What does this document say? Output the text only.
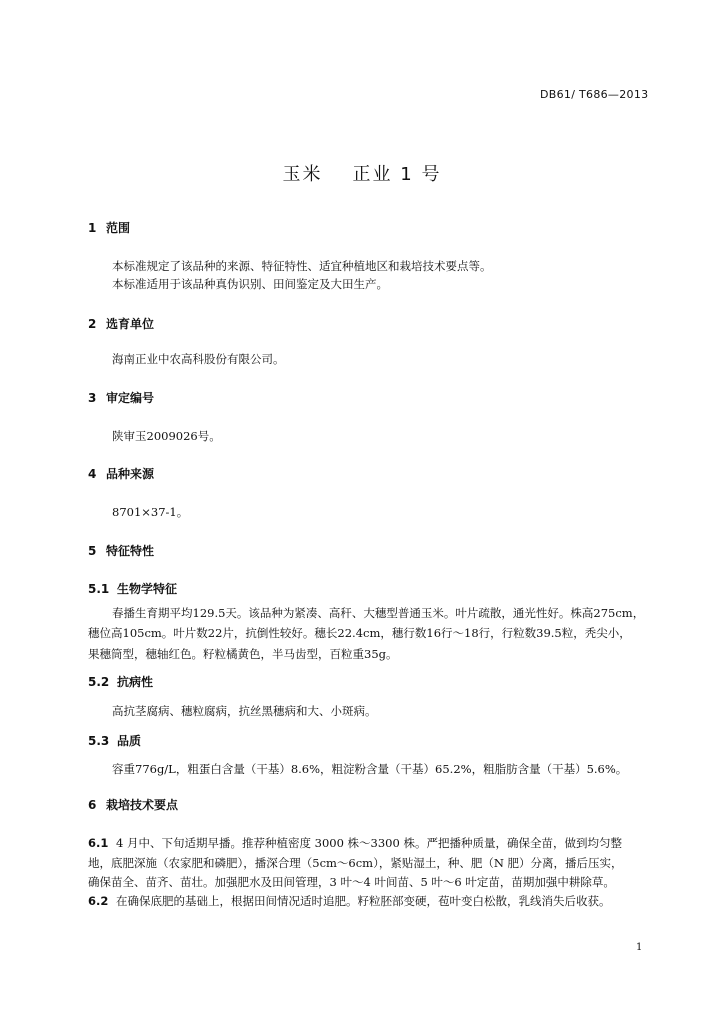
DB61/ T686—2013
玉米 正业 1 号
1 范围
本标准规定了该品种的来源、特征特性、适宜种植地区和栽培技术要点等。
本标准适用于该品种真伪识别、田间鉴定及大田生产。
2 选育单位
海南正业中农高科股份有限公司。
3 审定编号
陕审玉2009026号。
4 品种来源
8701×37-1。
5 特征特性
5.1 生物学特征
春播生育期平均129.5天。该品种为紧凑、高秆、大穗型普通玉米。叶片疏散，通光性好。株高275cm，
穗位高105cm。叶片数22片，抗倒性较好。穗长22.4cm，穗行数16行～18行，行粒数39.5粒，秃尖小，
果穗筒型，穗轴红色。籽粒橘黄色，半马齿型，百粒重35g。
5.2 抗病性
高抗茎腐病、穗粒腐病，抗丝黑穗病和大、小斑病。
5.3 品质
容重776g/L，粗蛋白含量（干基）8.6%，粗淀粉含量（干基）65.2%，粗脂肪含量（干基）5.6%。
6 栽培技术要点
6.1 4 月中、下旬适期早播。推荐种植密度 3000 株～3300 株。严把播种质量，确保全苗，做到均匀整
地，底肥深施（农家肥和磷肥），播深合理（5cm～6cm），紧贴湿土，种、肥（N 肥）分离，播后压实，
确保苗全、苗齐、苗壮。加强肥水及田间管理，3 叶～4 叶间苗、5 叶～6 叶定苗，苗期加强中耕除草。
6.2 在确保底肥的基础上，根据田间情况适时追肥。籽粒胚部变硬，苞叶变白松散，乳线消失后收获。
1
